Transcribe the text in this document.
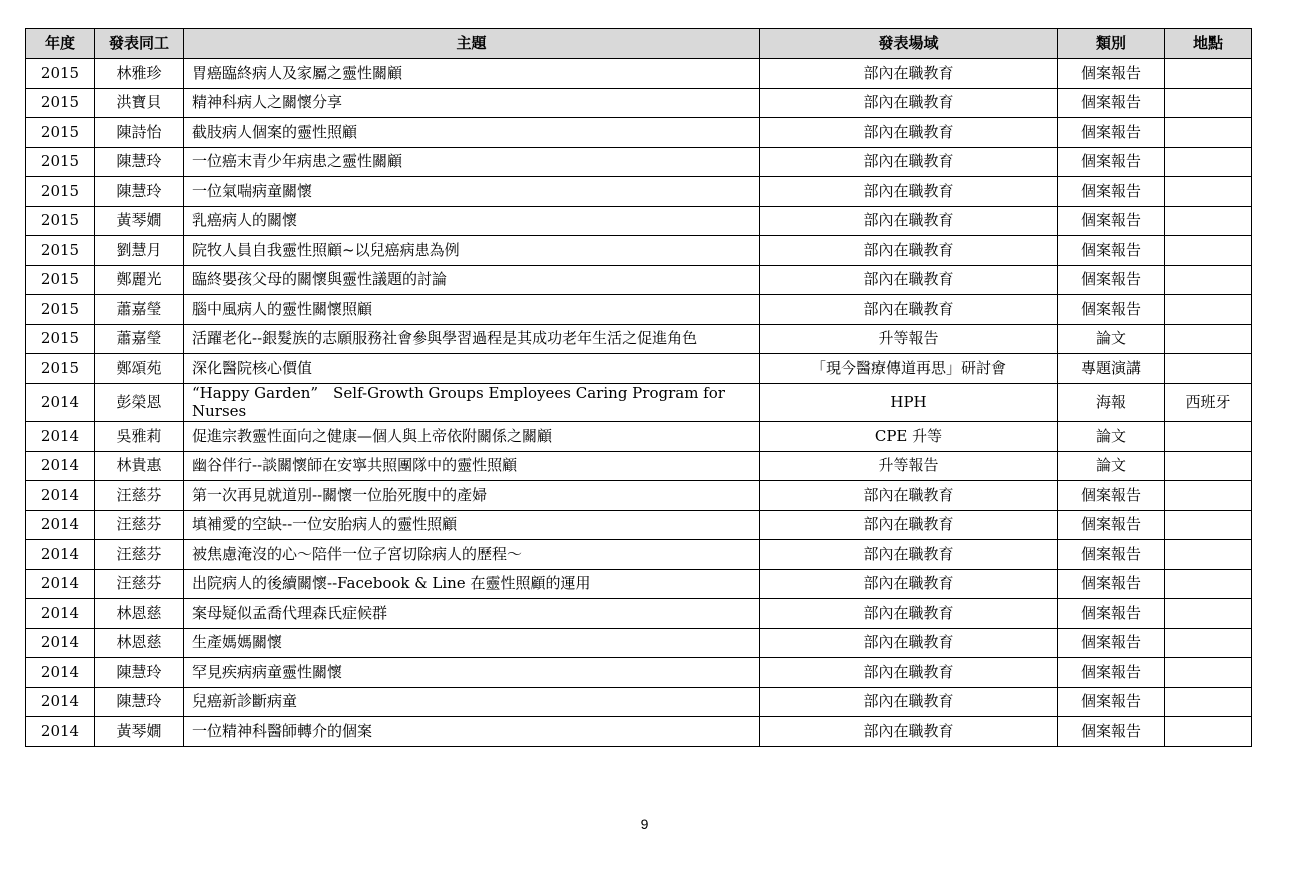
年度	發表同工	主題	發表場域	類別	地點
2015	林雅珍	胃癌臨終病人及家屬之靈性關顧	部內在職教育	個案報告	
2015	洪寶貝	精神科病人之關懷分享	部內在職教育	個案報告	
2015	陳詩怡	截肢病人個案的靈性照顧	部內在職教育	個案報告	
2015	陳慧玲	一位癌末青少年病患之靈性關顧	部內在職教育	個案報告	
2015	陳慧玲	一位氣喘病童關懷	部內在職教育	個案報告	
2015	黃琴嫺	乳癌病人的關懷	部內在職教育	個案報告	
2015	劉慧月	院牧人員自我靈性照顧~以兒癌病患為例	部內在職教育	個案報告	
2015	鄭麗光	臨終嬰孩父母的關懷與靈性議題的討論	部內在職教育	個案報告	
2015	蕭嘉瑩	腦中風病人的靈性關懷照顧	部內在職教育	個案報告	
2015	蕭嘉瑩	活躍老化--銀髮族的志願服務社會參與學習過程是其成功老年生活之促進角色	升等報告	論文	
2015	鄭頌苑	深化醫院核心價值	「現今醫療傳道再思」研討會	專題演講	
2014	彭榮恩	“Happy Garden”　Self-Growth Groups Employees Caring Program for Nurses	HPH	海報	西班牙
2014	吳雅莉	促進宗教靈性面向之健康—個人與上帝依附關係之關顧	CPE 升等	論文	
2014	林貴惠	幽谷伴行--談關懷師在安寧共照團隊中的靈性照顧	升等報告	論文	
2014	汪慈芬	第一次再見就道別--關懷一位胎死腹中的產婦	部內在職教育	個案報告	
2014	汪慈芬	填補愛的空缺--一位安胎病人的靈性照顧	部內在職教育	個案報告	
2014	汪慈芬	被焦慮淹沒的心～陪伴一位子宮切除病人的歷程～	部內在職教育	個案報告	
2014	汪慈芬	出院病人的後續關懷--Facebook & Line 在靈性照顧的運用	部內在職教育	個案報告	
2014	林恩慈	案母疑似孟喬代理森氏症候群	部內在職教育	個案報告	
2014	林恩慈	生產媽媽關懷	部內在職教育	個案報告	
2014	陳慧玲	罕見疾病病童靈性關懷	部內在職教育	個案報告	
2014	陳慧玲	兒癌新診斷病童	部內在職教育	個案報告	
2014	黃琴嫺	一位精神科醫師轉介的個案	部內在職教育	個案報告	
9
